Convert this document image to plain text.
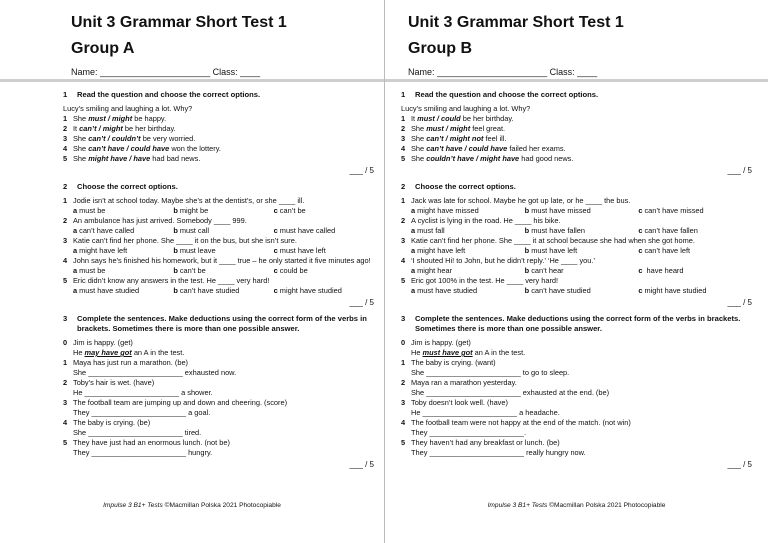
Unit 3 Grammar Short Test 1
Group A
Name: ______________________ Class: ____
1	Read the question and choose the correct options.
Lucy’s smiling and laughing a lot. Why?
1 She must / might be happy.
2 It can’t / might be her birthday.
3 She can’t / couldn’t be very worried.
4 She can’t have / could have won the lottery.
5 She might have / have had bad news.
___ / 5
2	Choose the correct options.
1 Jodie isn’t at school today. Maybe she’s at the dentist’s, or she ____ ill.
a must be	b might be	c can’t be
2 An ambulance has just arrived. Somebody ____ 999.
a can’t have called	b must call	c must have called
3 Katie can’t find her phone. She ____ it on the bus, but she isn’t sure.
a might have left	b must leave	c must have left
4 John says he’s finished his homework, but it ____ true – he only started it five minutes ago!
a must be	b can’t be	c could be
5 Eric didn’t know any answers in the test. He ____ very hard!
a must have studied	b can’t have studied	c might have studied
___ / 5
3	Complete the sentences. Make deductions using the correct form of the verbs in brackets. Sometimes there is more than one possible answer.
0 Jim is happy. (get)
He may have got an A in the test.
1 Maya has just run a marathon. (be)
She _______________________ exhausted now.
2 Toby’s hair is wet. (have)
He _______________________ a shower.
3 The football team are jumping up and down and cheering. (score)
They _______________________ a goal.
4 The baby is crying. (be)
She _______________________ tired.
5 They have just had an enormous lunch. (not be)
They _______________________ hungry.
___ / 5
Impulse 3 B1+ Tests ©Macmillan Polska 2021 Photocopiable
Unit 3 Grammar Short Test 1
Group B
Name: ______________________ Class: ____
1	Read the question and choose the correct options.
Lucy’s smiling and laughing a lot. Why?
1 It must / could be her birthday.
2 She must / might feel great.
3 She can’t / might not feel ill.
4 She can’t have / could have failed her exams.
5 She couldn’t have / might have had good news.
___ / 5
2	Choose the correct options.
1 Jack was late for school. Maybe he got up late, or he ____ the bus.
a might have missed	b must have missed	c can’t have missed
2 A cyclist is lying in the road. He ____ his bike.
a must fall	b must have fallen	c can’t have fallen
3 Katie can’t find her phone. She ____ it at school because she had when she got home.
a might have left	b must have left	c can’t have left
4 ‘I shouted Hi! to John, but he didn’t reply.’ ‘He ____ you.’
a might hear	b can’t hear	c have heard
5 Eric got 100% in the test. He ____ very hard!
a must have studied	b can’t have studied	c might have studied
___ / 5
3	Complete the sentences. Make deductions using the correct form of the verbs in brackets. Sometimes there is more than one possible answer.
0 Jim is happy. (get)
He must have got an A in the test.
1 The baby is crying. (want)
She _______________________ to go to sleep.
2 Maya ran a marathon yesterday.
She _______________________ exhausted at the end. (be)
3 Toby doesn’t look well. (have)
He _______________________ a headache.
4 The football team were not happy at the end of the match. (not win)
They _______________________.
5 They haven’t had any breakfast or lunch. (be)
They _______________________ really hungry now.
___ / 5
Impulse 3 B1+ Tests ©Macmillan Polska 2021 Photocopiable
